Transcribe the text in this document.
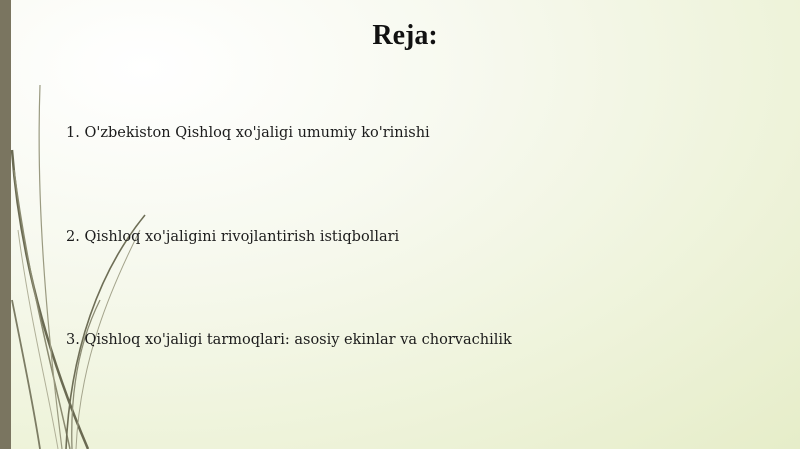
Reja:
1. O'zbekiston Qishloq xo'jaligi umumiy ko'rinishi
2. Qishloq xo'jaligini rivojlantirish istiqbollari
3. Qishloq xo'jaligi tarmoqlari: asosiy ekinlar va chorvachilik
